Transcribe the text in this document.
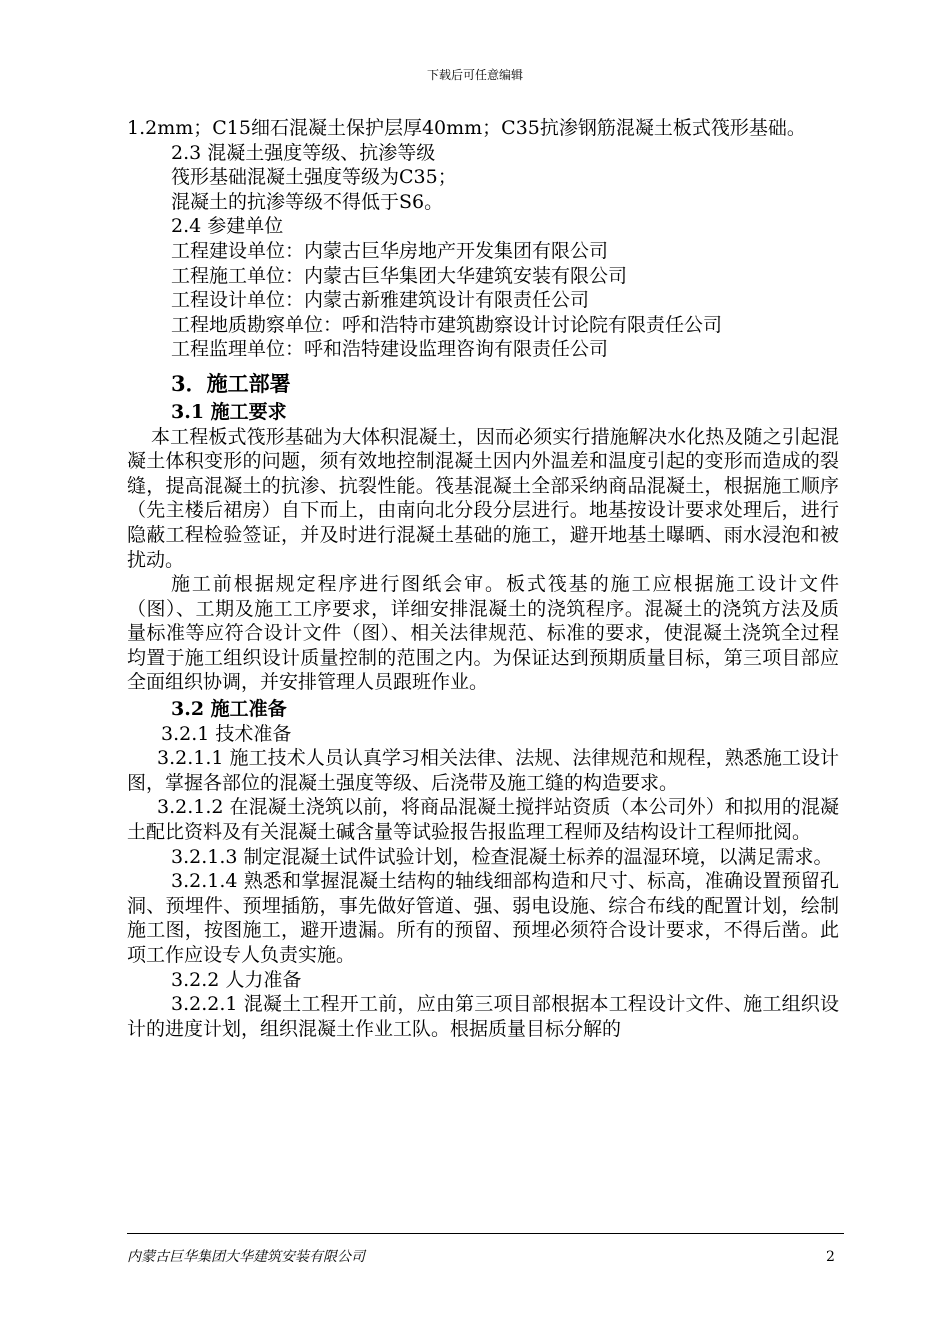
下载后可任意编辑

1.2mm；C15细石混凝土保护层厚40mm；C35抗渗钢筋混凝土板式筏形基础。

2.3 混凝土强度等级、抗渗等级

筏形基础混凝土强度等级为C35；

混凝土的抗渗等级不得低于S6。

2.4 参建单位

工程建设单位：内蒙古巨华房地产开发集团有限公司

工程施工单位：内蒙古巨华集团大华建筑安装有限公司

工程设计单位：内蒙古新雅建筑设计有限责任公司

工程地质勘察单位：呼和浩特市建筑勘察设计讨论院有限责任公司

工程监理单位：呼和浩特建设监理咨询有限责任公司

3．施工部署
3.1 施工要求

本工程板式筏形基础为大体积混凝土，因而必须实行措施解决水化热及随之引起混凝土体积变形的问题，须有效地控制混凝土因内外温差和温度引起的变形而造成的裂缝，提高混凝土的抗渗、抗裂性能。筏基混凝土全部采纳商品混凝土，根据施工顺序（先主楼后裙房）自下而上，由南向北分段分层进行。地基按设计要求处理后，进行隐蔽工程检验签证，并及时进行混凝土基础的施工，避开地基土曝晒、雨水浸泡和被扰动。

施工前根据规定程序进行图纸会审。板式筏基的施工应根据施工设计文件（图）、工期及施工工序要求，详细安排混凝土的浇筑程序。混凝土的浇筑方法及质量标准等应符合设计文件（图）、相关法律规范、标准的要求，使混凝土浇筑全过程均置于施工组织设计质量控制的范围之内。为保证达到预期质量目标，第三项目部应全面组织协调，并安排管理人员跟班作业。

3.2 施工准备

3.2.1 技术准备

3.2.1.1 施工技术人员认真学习相关法律、法规、法律规范和规程，熟悉施工设计图，掌握各部位的混凝土强度等级、后浇带及施工缝的构造要求。

3.2.1.2 在混凝土浇筑以前，将商品混凝土搅拌站资质（本公司外）和拟用的混凝土配比资料及有关混凝土碱含量等试验报告报监理工程师及结构设计工程师批阅。

3.2.1.3 制定混凝土试件试验计划，检查混凝土标养的温湿环境，以满足需求。

3.2.1.4 熟悉和掌握混凝土结构的轴线细部构造和尺寸、标高，准确设置预留孔洞、预埋件、预埋插筋，事先做好管道、强、弱电设施、综合布线的配置计划，绘制施工图，按图施工，避开遗漏。所有的预留、预埋必须符合设计要求，不得后凿。此项工作应设专人负责实施。

3.2.2 人力准备

3.2.2.1 混凝土工程开工前，应由第三项目部根据本工程设计文件、施工组织设计的进度计划，组织混凝土作业工队。根据质量目标分解的

内蒙古巨华集团大华建筑安装有限公司	2
